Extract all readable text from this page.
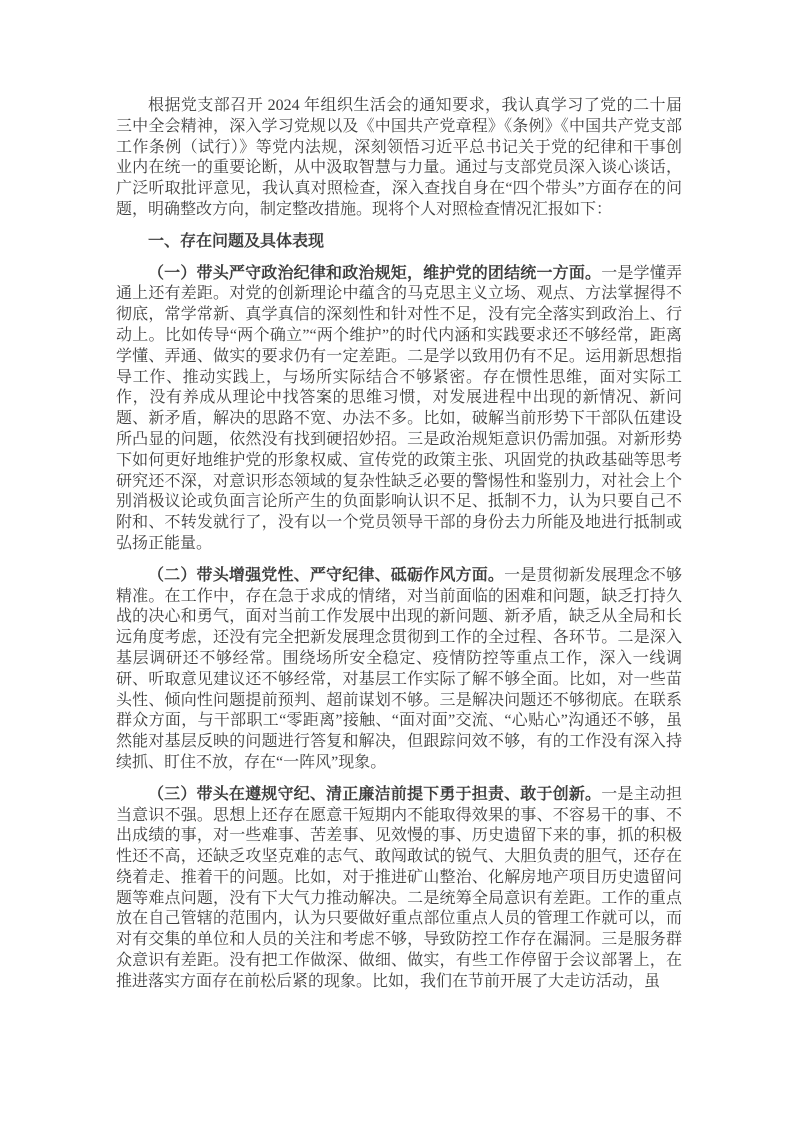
根据党支部召开 2024 年组织生活会的通知要求，我认真学习了党的二十届三中全会精神，深入学习党规以及《中国共产党章程》《条例》《中国共产党支部工作条例（试行）》等党内法规，深刻领悟习近平总书记关于党的纪律和干事创业内在统一的重要论断，从中汲取智慧与力量。通过与支部党员深入谈心谈话，广泛听取批评意见，我认真对照检查，深入查找自身在“四个带头”方面存在的问题，明确整改方向，制定整改措施。现将个人对照检查情况汇报如下：

一、存在问题及具体表现

（一）带头严守政治纪律和政治规矩，维护党的团结统一方面。一是学懂弄通上还有差距。对党的创新理论中蕴含的马克思主义立场、观点、方法掌握得不彻底，常学常新、真学真信的深刻性和针对性不足，没有完全落实到政治上、行动上。比如传导“两个确立”“两个维护”的时代内涵和实践要求还不够经常，距离学懂、弄通、做实的要求仍有一定差距。二是学以致用仍有不足。运用新思想指导工作、推动实践上，与场所实际结合不够紧密。存在惯性思维，面对实际工作，没有养成从理论中找答案的思维习惯，对发展进程中出现的新情况、新问题、新矛盾，解决的思路不宽、办法不多。比如，破解当前形势下干部队伍建设所凸显的问题，依然没有找到硬招妙招。三是政治规矩意识仍需加强。对新形势下如何更好地维护党的形象权威、宣传党的政策主张、巩固党的执政基础等思考研究还不深，对意识形态领域的复杂性缺乏必要的警惕性和鉴别力，对社会上个别消极议论或负面言论所产生的负面影响认识不足、抵制不力，认为只要自己不附和、不转发就行了，没有以一个党员领导干部的身份去力所能及地进行抵制或弘扬正能量。

（二）带头增强党性、严守纪律、砥砺作风方面。一是贯彻新发展理念不够精准。在工作中，存在急于求成的情绪，对当前面临的困难和问题，缺乏打持久战的决心和勇气，面对当前工作发展中出现的新问题、新矛盾，缺乏从全局和长远角度考虑，还没有完全把新发展理念贯彻到工作的全过程、各环节。二是深入基层调研还不够经常。围绕场所安全稳定、疫情防控等重点工作，深入一线调研、听取意见建议还不够经常，对基层工作实际了解不够全面。比如，对一些苗头性、倾向性问题提前预判、超前谋划不够。三是解决问题还不够彻底。在联系群众方面，与干部职工“零距离”接触、“面对面”交流、“心贴心”沟通还不够，虽然能对基层反映的问题进行答复和解决，但跟踪问效不够，有的工作没有深入持续抓、盯住不放，存在“一阵风”现象。

（三）带头在遵规守纪、清正廉洁前提下勇于担责、敢于创新。一是主动担当意识不强。思想上还存在愿意干短期内不能取得效果的事、不容易干的事、不出成绩的事，对一些难事、苦差事、见效慢的事、历史遗留下来的事，抓的积极性还不高，还缺乏攻坚克难的志气、敢闯敢试的锐气、大胆负责的胆气，还存在绕着走、推着干的问题。比如，对于推进矿山整治、化解房地产项目历史遗留问题等难点问题，没有下大气力推动解决。二是统筹全局意识有差距。工作的重点放在自己管辖的范围内，认为只要做好重点部位重点人员的管理工作就可以，而对有交集的单位和人员的关注和考虑不够，导致防控工作存在漏洞。三是服务群众意识有差距。没有把工作做深、做细、做实，有些工作停留于会议部署上，在推进落实方面存在前松后紧的现象。比如，我们在节前开展了大走访活动，虽
